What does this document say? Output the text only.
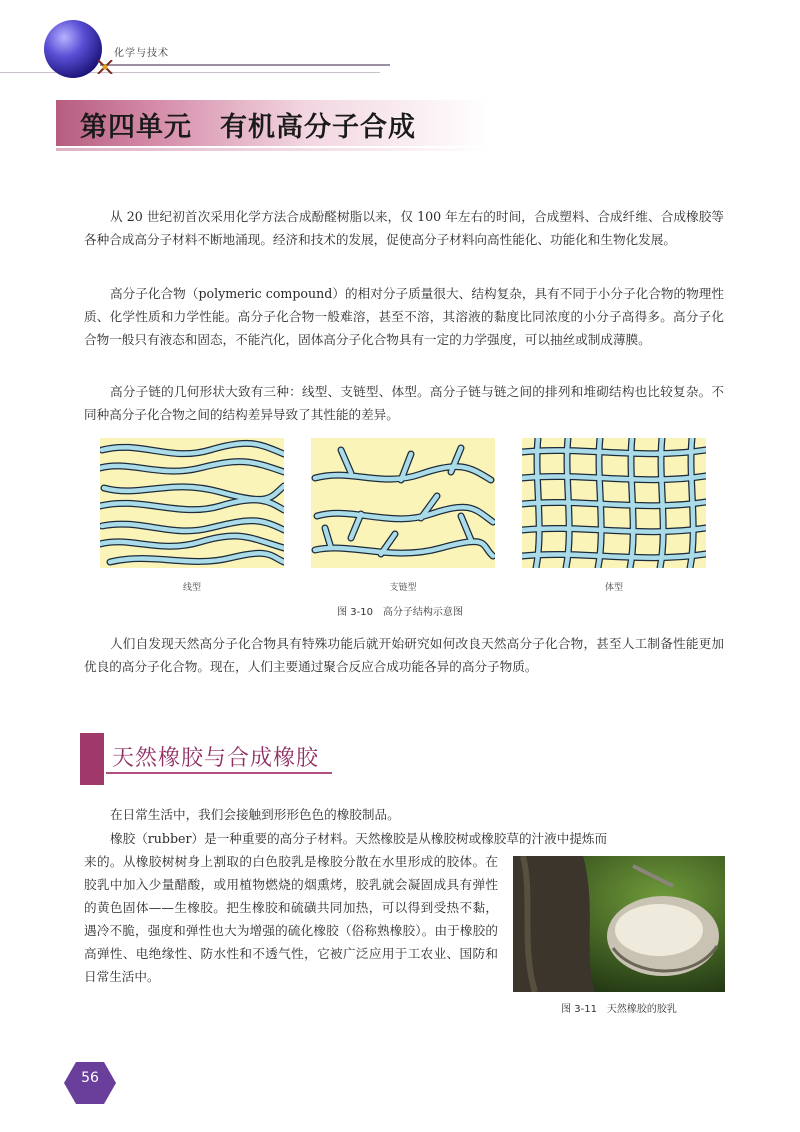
化学与技术
第四单元　有机高分子合成

从 20 世纪初首次采用化学方法合成酚醛树脂以来，仅 100 年左右的时间，合成塑料、合成纤维、合成橡胶等各种合成高分子材料不断地涌现。经济和技术的发展，促使高分子材料向高性能化、功能化和生物化发展。

高分子化合物（polymeric compound）的相对分子质量很大、结构复杂，具有不同于小分子化合物的物理性质、化学性质和力学性能。高分子化合物一般难溶，甚至不溶，其溶液的黏度比同浓度的小分子高得多。高分子化合物一般只有液态和固态，不能汽化，固体高分子化合物具有一定的力学强度，可以抽丝或制成薄膜。

高分子链的几何形状大致有三种：线型、支链型、体型。高分子链与链之间的排列和堆砌结构也比较复杂。不同种高分子化合物之间的结构差异导致了其性能的差异。

线型	支链型	体型
图 3-10　高分子结构示意图

人们自发现天然高分子化合物具有特殊功能后就开始研究如何改良天然高分子化合物，甚至人工制备性能更加优良的高分子化合物。现在，人们主要通过聚合反应合成功能各异的高分子物质。

天然橡胶与合成橡胶

在日常生活中，我们会接触到形形色色的橡胶制品。

橡胶（rubber）是一种重要的高分子材料。天然橡胶是从橡胶树或橡胶草的汁液中提炼而

来的。从橡胶树树身上割取的白色胶乳是橡胶分散在水里形成的胶体。在胶乳中加入少量醋酸，或用植物燃烧的烟熏烤，胶乳就会凝固成具有弹性的黄色固体——生橡胶。把生橡胶和硫磺共同加热，可以得到受热不黏，遇冷不脆，强度和弹性也大为增强的硫化橡胶（俗称熟橡胶）。由于橡胶的高弹性、电绝缘性、防水性和不透气性，它被广泛应用于工农业、国防和日常生活中。

图 3-11　天然橡胶的胶乳
56
